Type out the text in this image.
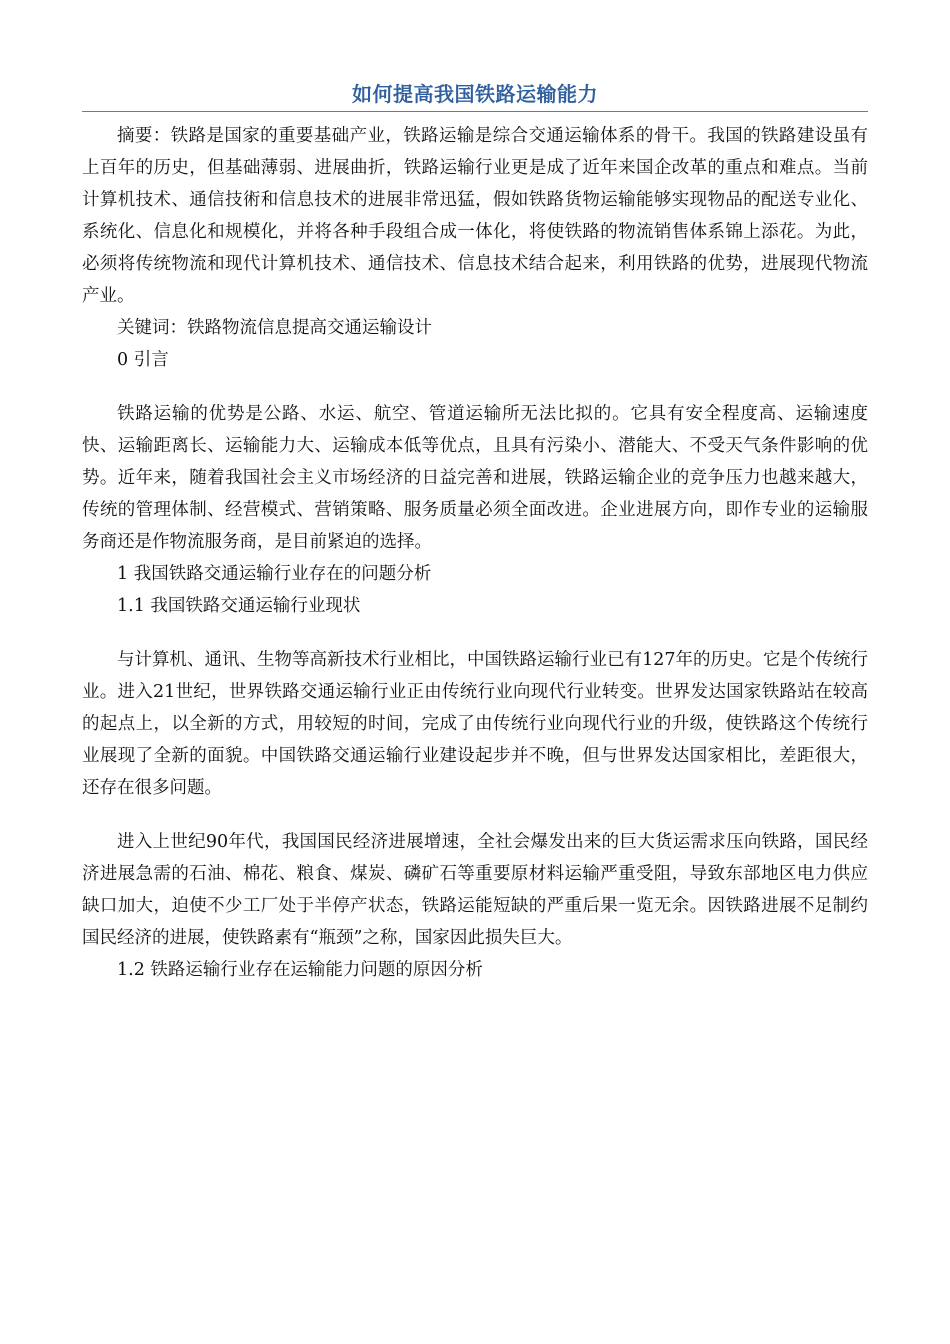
如何提高我国铁路运输能力

摘要：铁路是国家的重要基础产业，铁路运输是综合交通运输体系的骨干。我国的铁路建设虽有上百年的历史，但基础薄弱、进展曲折，铁路运输行业更是成了近年来国企改革的重点和难点。当前计算机技术、通信技術和信息技术的进展非常迅猛，假如铁路货物运输能够实现物品的配送专业化、系统化、信息化和规模化，并将各种手段组合成一体化，将使铁路的物流销售体系锦上添花。为此，必须将传统物流和现代计算机技术、通信技术、信息技术结合起来，利用铁路的优势，进展现代物流产业。

关键词：铁路物流信息提高交通运输设计

0 引言

铁路运输的优势是公路、水运、航空、管道运输所无法比拟的。它具有安全程度高、运输速度快、运输距离长、运输能力大、运输成本低等优点，且具有污染小、潜能大、不受天气条件影响的优势。近年来，随着我国社会主义市场经济的日益完善和进展，铁路运输企业的竞争压力也越来越大，传统的管理体制、经营模式、营销策略、服务质量必须全面改进。企业进展方向，即作专业的运输服务商还是作物流服务商，是目前紧迫的选择。

1 我国铁路交通运输行业存在的问题分析

1.1 我国铁路交通运输行业现状

与计算机、通讯、生物等高新技术行业相比，中国铁路运输行业已有127年的历史。它是个传统行业。进入21世纪，世界铁路交通运输行业正由传统行业向现代行业转变。世界发达国家铁路站在较高的起点上，以全新的方式，用较短的时间，完成了由传统行业向现代行业的升级，使铁路这个传统行业展现了全新的面貌。中国铁路交通运输行业建设起步并不晚，但与世界发达国家相比，差距很大，还存在很多问题。

进入上世纪90年代，我国国民经济进展增速，全社会爆发出来的巨大货运需求压向铁路，国民经济进展急需的石油、棉花、粮食、煤炭、磷矿石等重要原材料运输严重受阻，导致东部地区电力供应缺口加大，迫使不少工厂处于半停产状态，铁路运能短缺的严重后果一览无余。因铁路进展不足制约国民经济的进展，使铁路素有“瓶颈”之称，国家因此损失巨大。

1.2 铁路运输行业存在运输能力问题的原因分析
